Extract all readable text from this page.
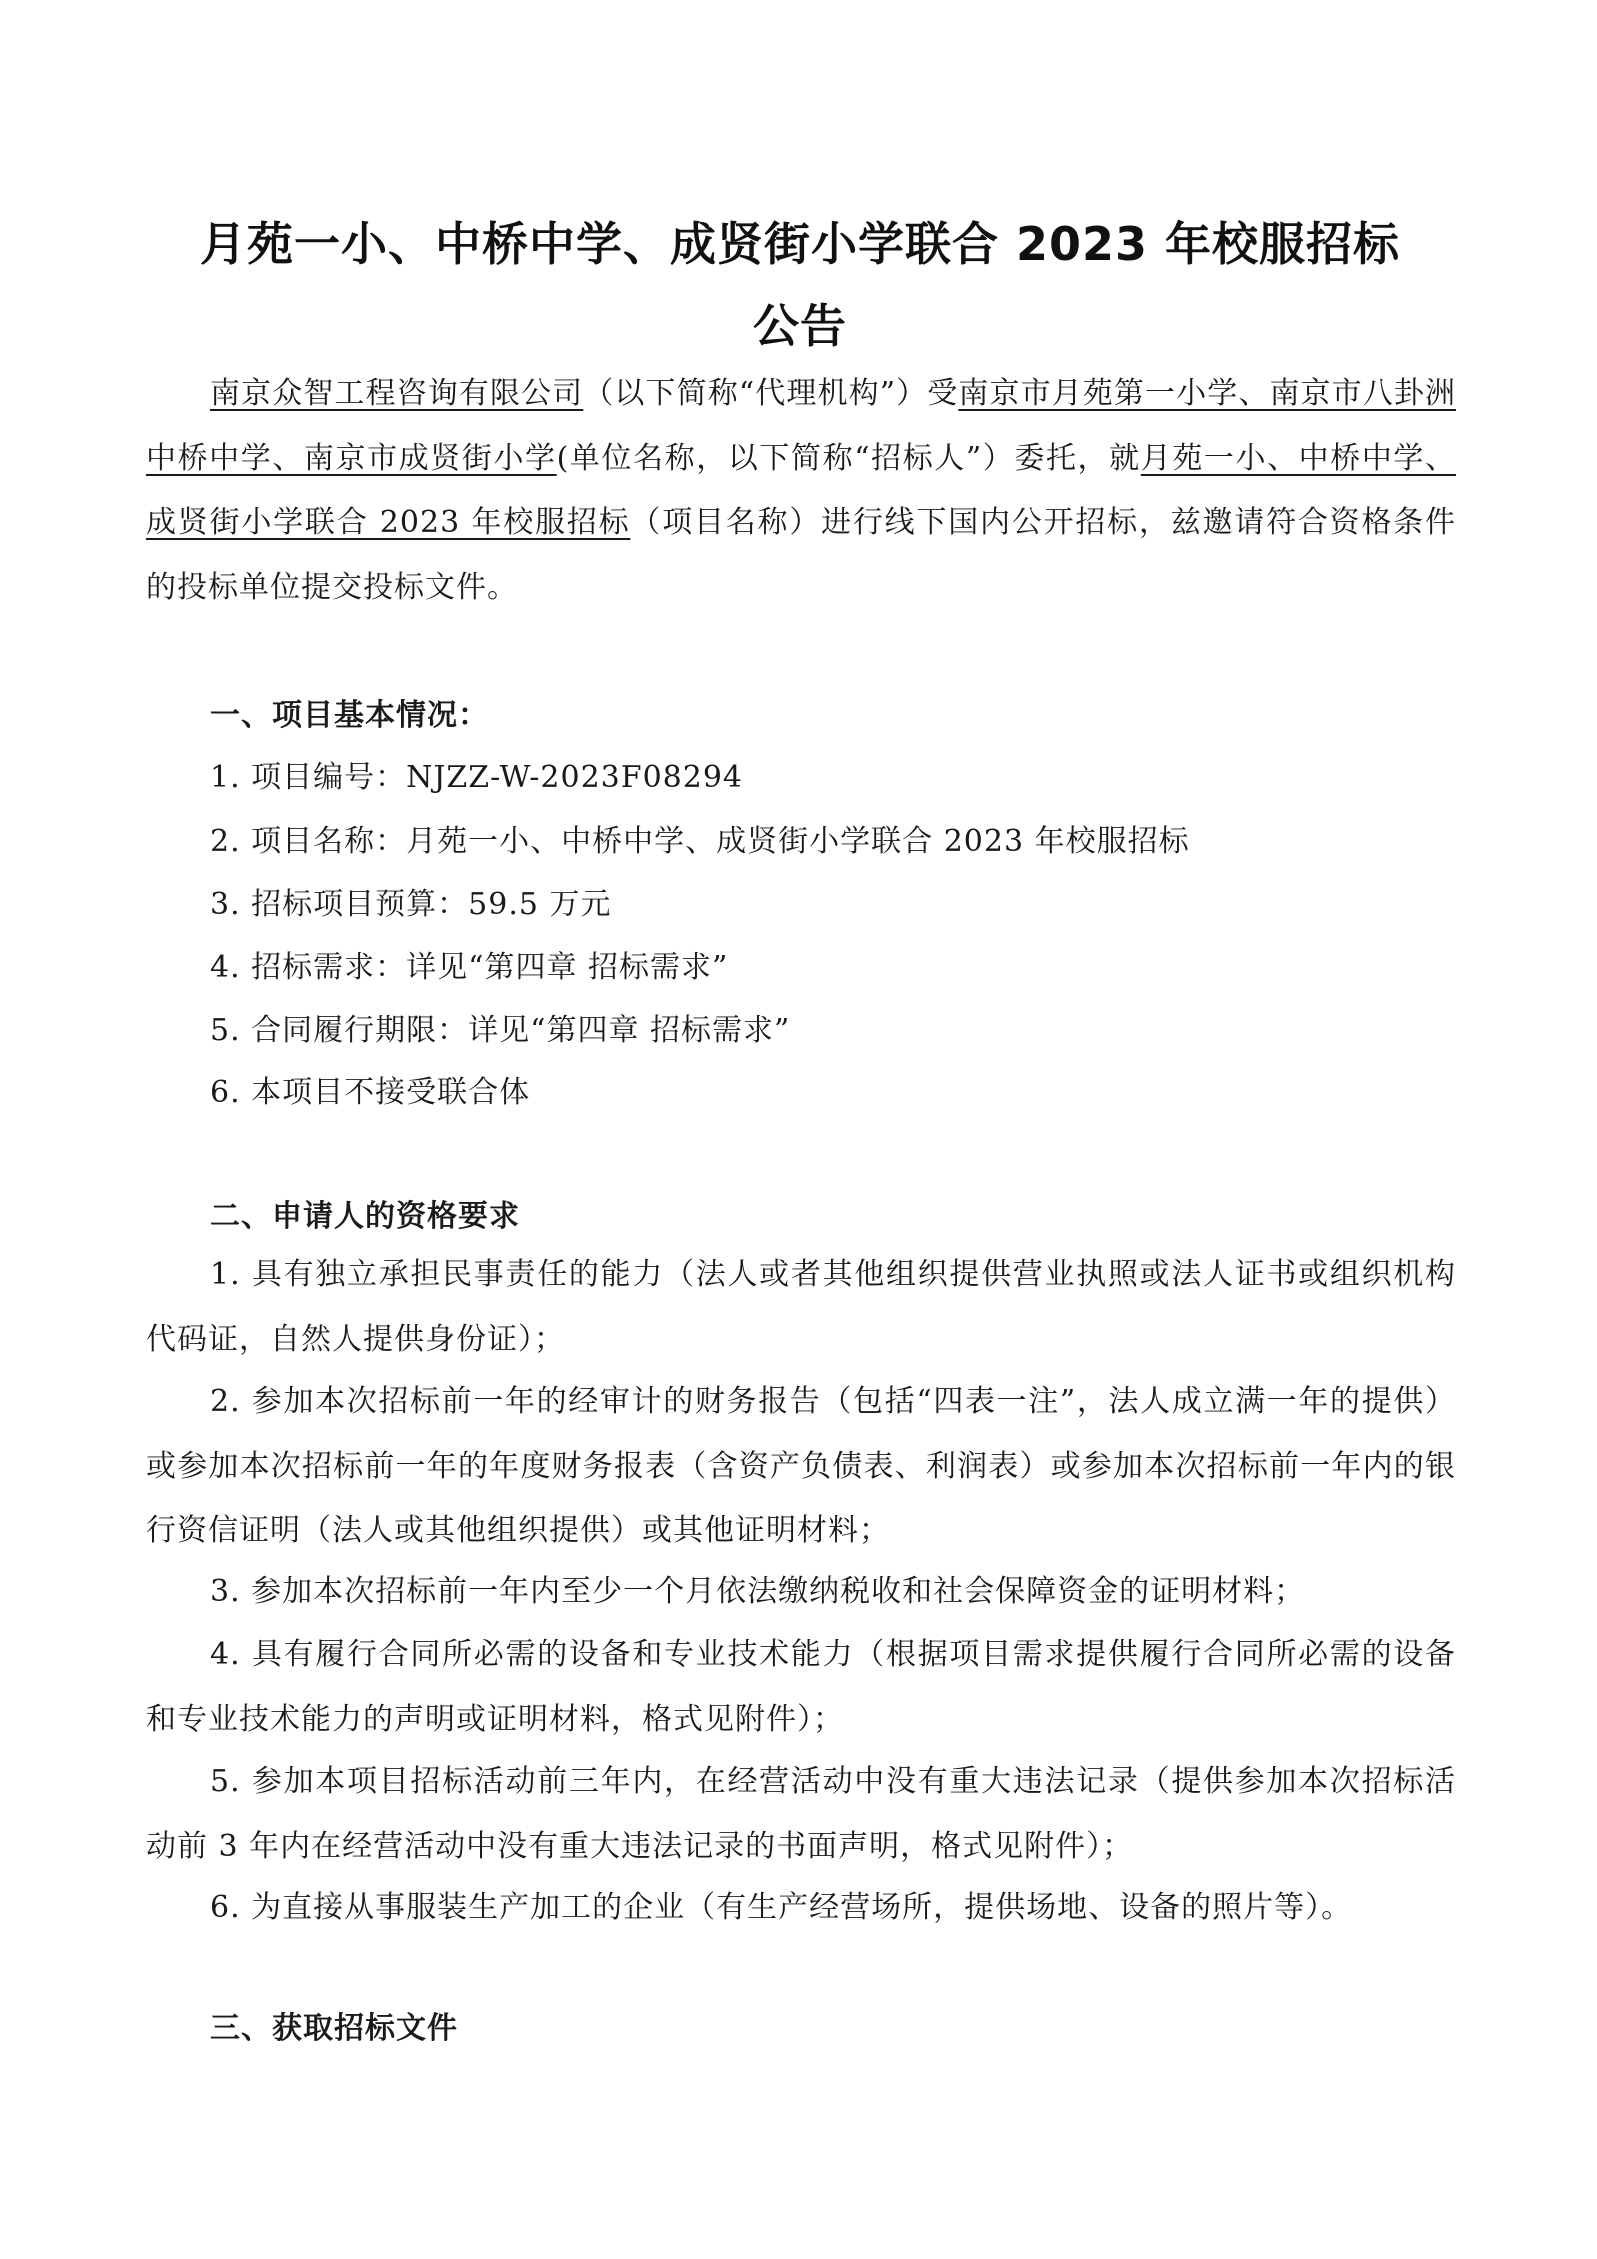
月苑一小、中桥中学、成贤街小学联合 2023 年校服招标
公告
南京众智工程咨询有限公司（以下简称“代理机构”）受南京市月苑第一小学、南京市八卦洲中桥中学、南京市成贤街小学(单位名称，以下简称“招标人”）委托，就月苑一小、中桥中学、成贤街小学联合 2023 年校服招标（项目名称）进行线下国内公开招标，兹邀请符合资格条件的投标单位提交投标文件。
一、项目基本情况：
1. 项目编号：NJZZ-W-2023F08294
2. 项目名称：月苑一小、中桥中学、成贤街小学联合 2023 年校服招标
3. 招标项目预算：59.5 万元
4. 招标需求：详见“第四章 招标需求”
5. 合同履行期限：详见“第四章 招标需求”
6. 本项目不接受联合体
二、申请人的资格要求
1. 具有独立承担民事责任的能力（法人或者其他组织提供营业执照或法人证书或组织机构代码证，自然人提供身份证）；
2. 参加本次招标前一年的经审计的财务报告（包括“四表一注”，法人成立满一年的提供）或参加本次招标前一年的年度财务报表（含资产负债表、利润表）或参加本次招标前一年内的银行资信证明（法人或其他组织提供）或其他证明材料；
3. 参加本次招标前一年内至少一个月依法缴纳税收和社会保障资金的证明材料；
4. 具有履行合同所必需的设备和专业技术能力（根据项目需求提供履行合同所必需的设备和专业技术能力的声明或证明材料，格式见附件）；
5. 参加本项目招标活动前三年内，在经营活动中没有重大违法记录（提供参加本次招标活动前 3 年内在经营活动中没有重大违法记录的书面声明，格式见附件）；
6. 为直接从事服装生产加工的企业（有生产经营场所，提供场地、设备的照片等）。
三、获取招标文件
